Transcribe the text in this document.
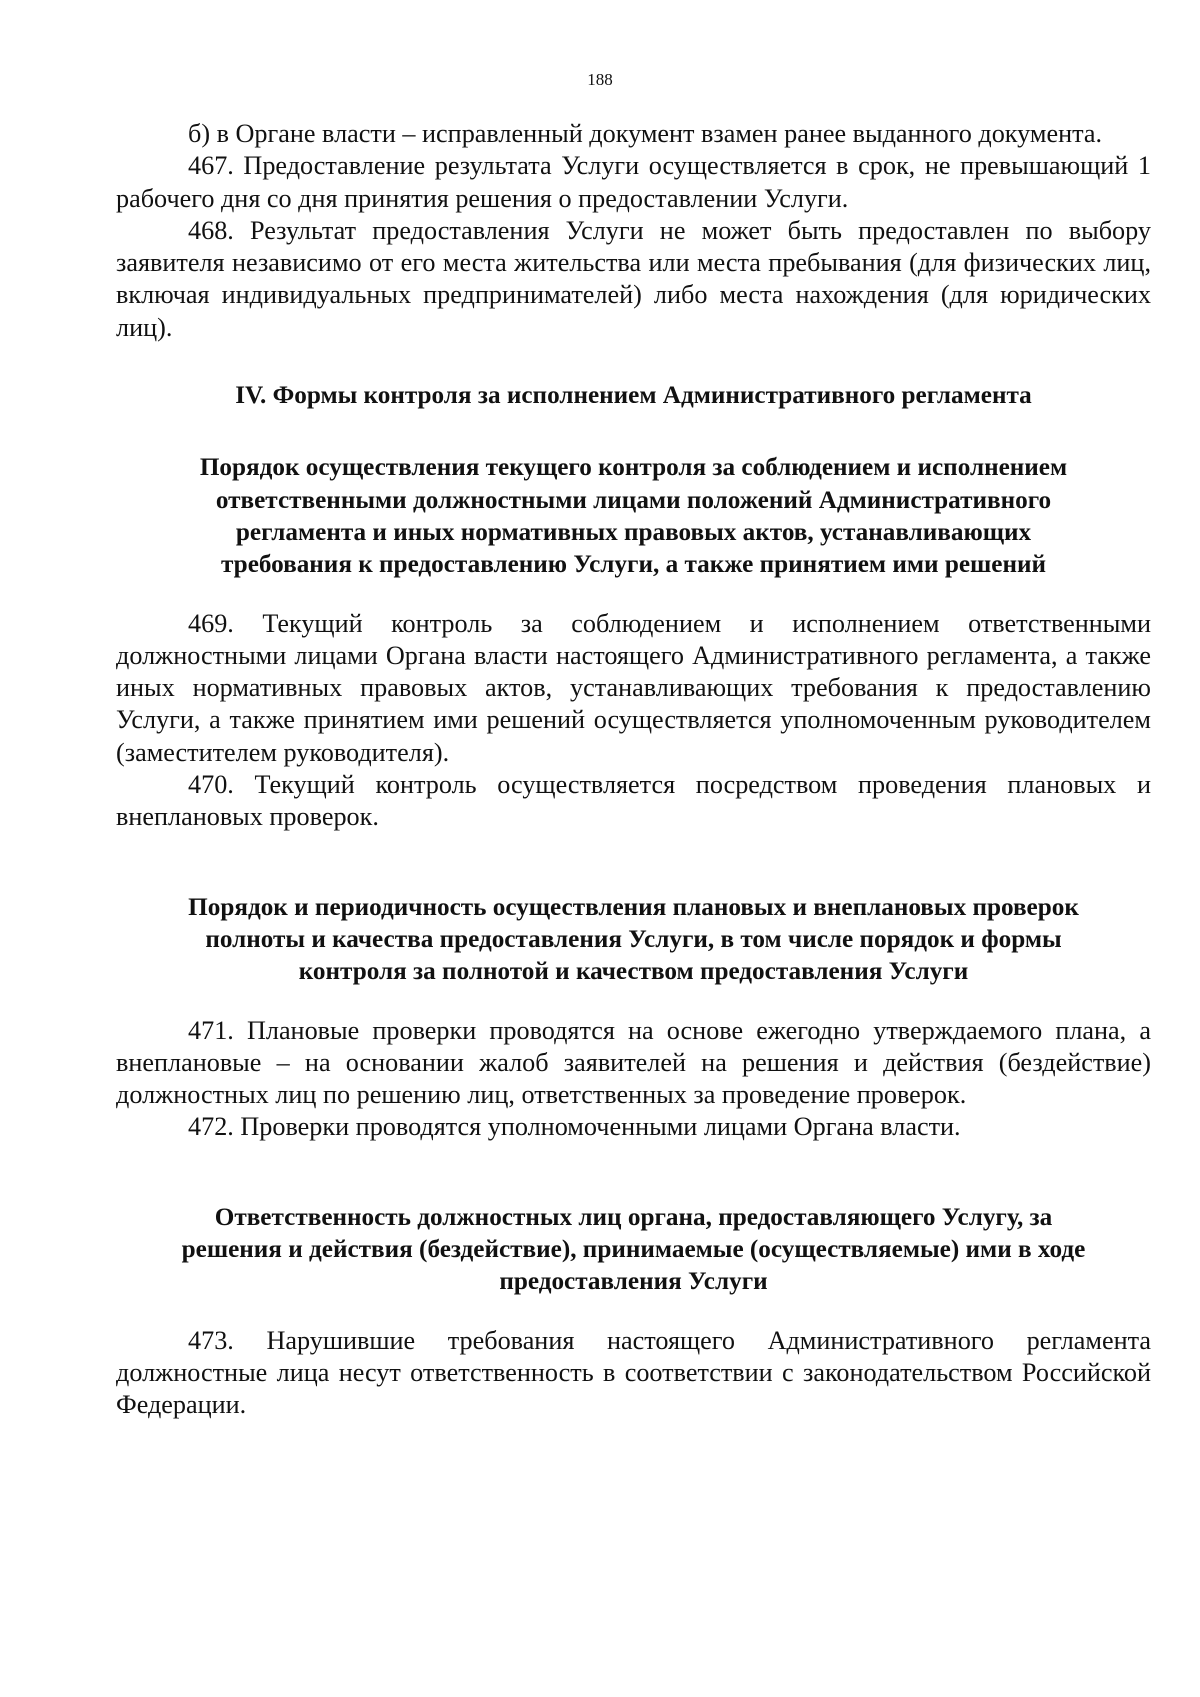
188

б) в Органе власти – исправленный документ взамен ранее выданного документа.

467. Предоставление результата Услуги осуществляется в срок, не превышающий 1 рабочего дня со дня принятия решения о предоставлении Услуги.

468. Результат предоставления Услуги не может быть предоставлен по выбору заявителя независимо от его места жительства или места пребывания (для физических лиц, включая индивидуальных предпринимателей) либо места нахождения (для юридических лиц).

IV. Формы контроля за исполнением Административного регламента
Порядок осуществления текущего контроля за соблюдением и исполнением
ответственными должностными лицами положений Административного
регламента и иных нормативных правовых актов, устанавливающих
требования к предоставлению Услуги, а также принятием ими решений

469. Текущий контроль за соблюдением и исполнением ответственными должностными лицами Органа власти настоящего Административного регламента, а также иных нормативных правовых актов, устанавливающих требования к предоставлению Услуги, а также принятием ими решений осуществляется уполномоченным руководителем (заместителем руководителя).

470. Текущий контроль осуществляется посредством проведения плановых и внеплановых проверок.

Порядок и периодичность осуществления плановых и внеплановых проверок
полноты и качества предоставления Услуги, в том числе порядок и формы
контроля за полнотой и качеством предоставления Услуги

471. Плановые проверки проводятся на основе ежегодно утверждаемого плана, а внеплановые – на основании жалоб заявителей на решения и действия (бездействие) должностных лиц по решению лиц, ответственных за проведение проверок.

472. Проверки проводятся уполномоченными лицами Органа власти.

Ответственность должностных лиц органа, предоставляющего Услугу, за
решения и действия (бездействие), принимаемые (осуществляемые) ими в ходе
предоставления Услуги

473. Нарушившие требования настоящего Административного регламента должностные лица несут ответственность в соответствии с законодательством Российской Федерации.
